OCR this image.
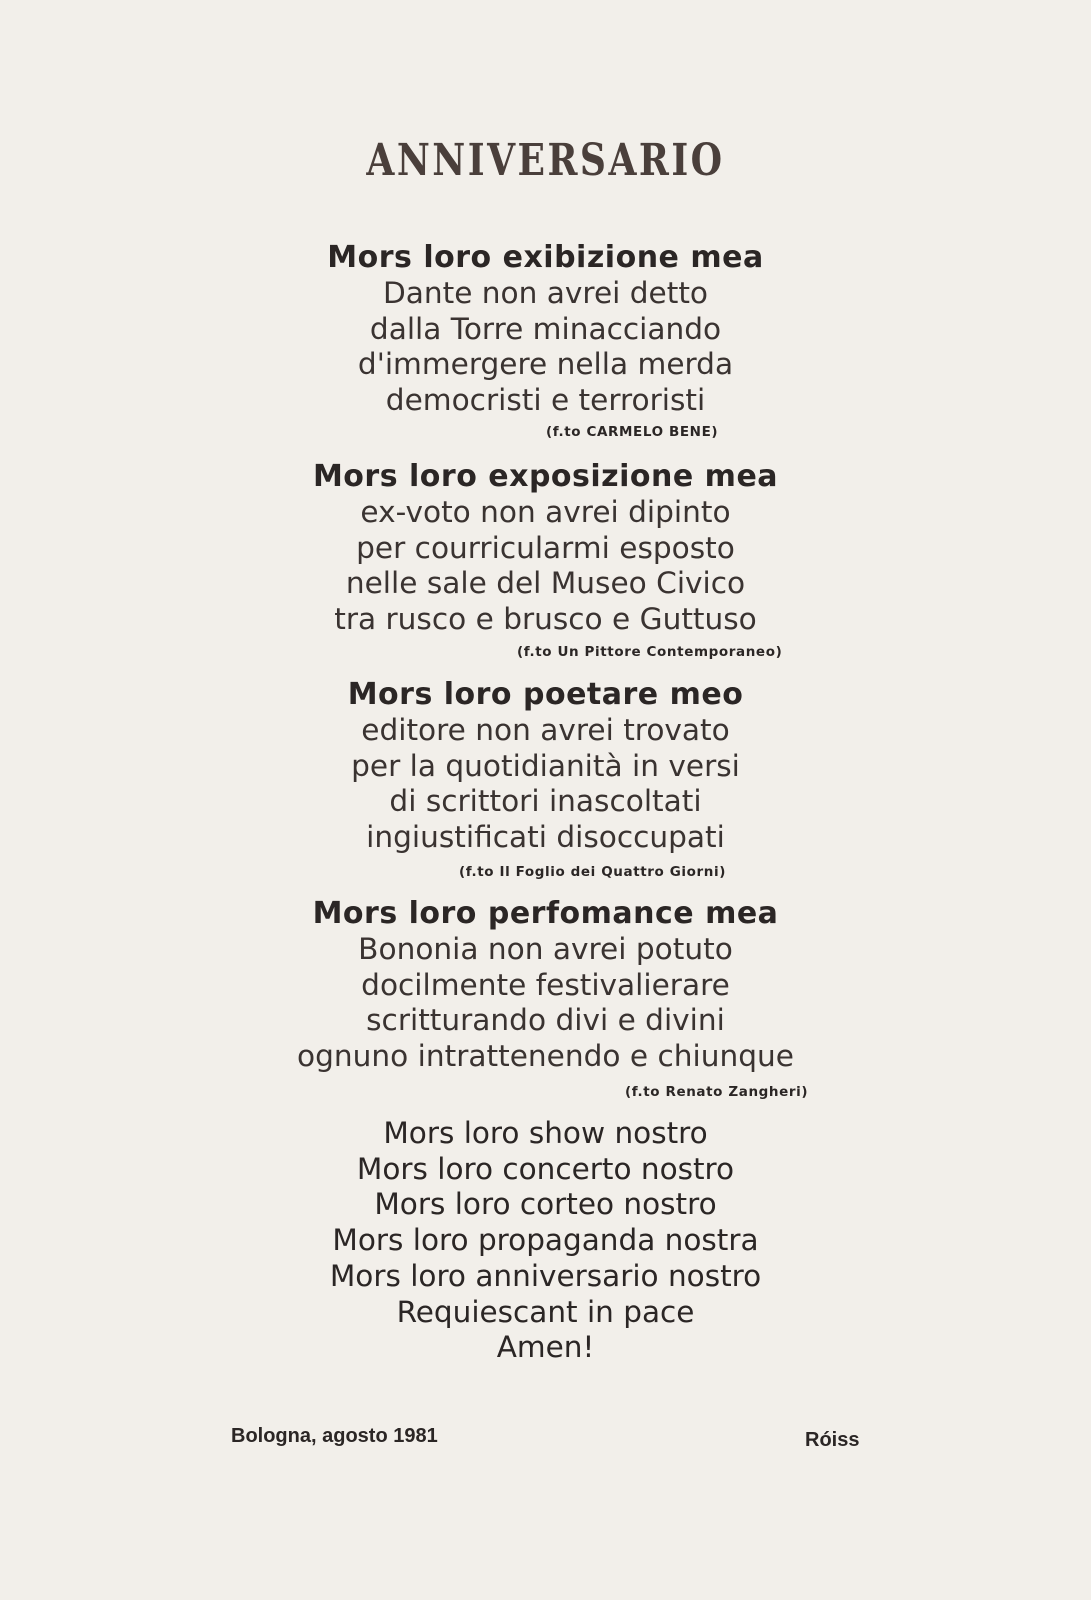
ANNIVERSARIO
Mors loro exibizione mea
Dante non avrei detto
dalla Torre minacciando
d'immergere nella merda
democristi e terroristi
(f.to CARMELO BENE)
Mors loro exposizione mea
ex-voto non avrei dipinto
per courricularmi esposto
nelle sale del Museo Civico
tra rusco e brusco e Guttuso
(f.to Un Pittore Contemporaneo)
Mors loro poetare meo
editore non avrei trovato
per la quotidianità in versi
di scrittori inascoltati
ingiustificati disoccupati
(f.to Il Foglio dei Quattro Giorni)
Mors loro perfomance mea
Bononia non avrei potuto
docilmente festivalierare
scritturando divi e divini
ognuno intrattenendo e chiunque
(f.to Renato Zangheri)
Mors loro show nostro
Mors loro concerto nostro
Mors loro corteo nostro
Mors loro propaganda nostra
Mors loro anniversario nostro
Requiescant in pace
Amen!
Bologna, agosto 1981	Róiss
